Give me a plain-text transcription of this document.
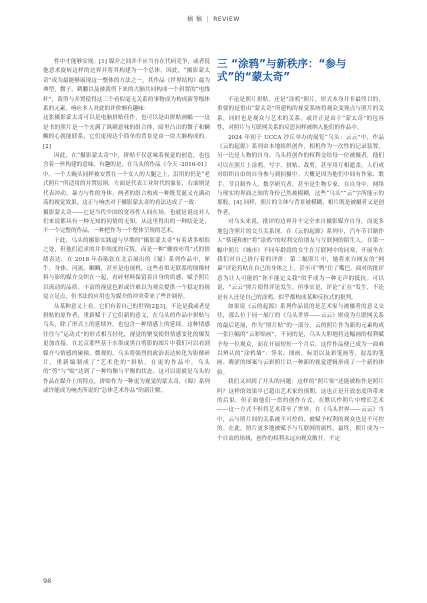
稿 稿 | REVIEW

性中才能够实现。[1] 媒介之间并不应当存在代码竞争，或者说他意求旋转这样的边界并将其构建为一个总体。因此，“摄影蒙太奇”成为最能够展现这一整体的方法之一，其作品《世界结构》最为典型，微子、鹤鹏以及被裁剪下来的大脑共同构成一个斜置的“电线杆”，裁剪与并置使得这三个看似毫无关系的事物成为构成新等级体系的元素，响应本人对此的评价颇有趣味：

这张摄影蒙太奇可以是电脑拼贴佳作，也可以是由拼贴画幅一一这是书的照片是一个充满了讽刺意味的组合体，暗里凸出的微子和鲷鲷的心就能联系，它们更现达个简单的背景是由一块大脑构成的。[2]

因此，在“摄影蒙太奇”中，拼贴不仅意味着视觉的创造，也包含着一丝构建的意味。有趣的是，在乌头的作品《今天 -2016-01》中，一个大碗头同样被安置在一个女人的大腿之上，沿用的仍是“老式照片”所适用的并置原则。左面是代表工业时代的象征，右面则是代表冲动、暴力与性的身体，两者的组合构成一种既荒诞又充满动荡的视觉效果，这正与响杰对于摄影蒙太奇的看法达成了一致：

摄影蒙太奇——它是当代中国的宽容性人间在场，也就是说这对人们来说都具有一种无知的同情的无知。从这里得出的一种结论是，不一个完整的作品，一种把作为一个整体呈现的艺术。

于此，乌头的摄影实践逼与早期的“摄影蒙太奇”有着诸多相似之处，但他们追求的并非纯度的反叛，而是一种“骤放亦骂”式的情绪表达，在 2018 年春陈钦在北京展出的《蜀》系列作品中，犀牛、身体、河流、鲷鲷，甚至是电视机，这些看似无联系的图像材料与影的媒介交织在一起，看碎材料保留着自身的质感，赋予照片以流动的品质。丰富的视觉色彩或许难以为观众提供一个稳定的视觉立足点，但书法的应用也为媒介的冲突带来了些许调停。

从某种意义上看，它们有着自己的世界[2][3]，不论是我或者是拼贴的原作者，重新赋于了它们新的意义，在乌头的作品中拼贴与乌头，除了形式上的延续外，也包含一种情感上的延续。这种情感往往与“运动式”的形式相互轻化，视觉的聚变使得情感变化的爆发更加直接，在北京那些基于水墨或黑白剪影的图片中我们可以看到媒介与情感的碰撞。微观的，乌头将强烈的政治表达转化为影像碎片，重新编制成了“艺术化的”拼贴，在更的作品中，乌头的“剪”与“贴”达到了一种均衡与平衡的状态。这可以说就是乌头的作品在媒介上的特点，拼贴作为一种更为视觉的蒙太奇，《蜀》系列或许能成为响杰所说的“总体艺术作品”的新注解。

三 “涂鸦”与新秩序：“参与式”的“蒙太奇”

不论是照片拼贴，还是“涂鸦”照片，形式本身并非最终目的，重要的是借由“蒙太奇”所建构的视觉系统将观众变现点与照片的关系，同时也是观众与艺术的关系。或许正是由于“蒙太奇”的包容性，对照片与互联网关系的反思同样被纳入他们的作品中。

2024 年初于 UCCA 沙丘举办的展览“乌头：云云”中，作品《云的起源》系列由本地组织创作，相机作为一次性的记录装置，另一边是人物的自身，乌头将创作的权利交给每一位被摄者，他们可以在照片上涂鸦、写字、拼贴、裁剪，甚至用互相遮盖。人们成对组织自由的自身参与到拍摄中。大概是因为他们中间有作家、歌手、节目制作人、数学研究者、甚至是生物专家，在自身中，网络与现实的界面之间的身份已然被模糊，这些“乌头”“云”字所能示的那般。[4] 同样，照片的主体与背景被模糊，相片既是被摄者又是创作者。

对乌头来说，批评的边界并不完全来自摄影媒介自身，而更多地包含照片的交互关系现。在《云的起源》系列中，汽车节目制作人“蔡速和柏”将“涂鸦”的权利交给朋友与互联网的陌生人。在第一幅中照片《城市》不同年龄段的女生在互联网中的同寒，开展坐在我们对自己拼行着的评价：第二幅照片中，她将来自网友的“网暴”评论将贴在自己的身体之上，甚至可“鸭”住了嘴巴，面对的批评意为让人可能的“你不能定义我”似乎成为一种无声的抵抗。可以说，“云云”照片使得评论发生、但事实是，评论“正在”发生，不论是有人还是自己的涂鸦，似乎都构成某种反抗式的批判。

如果说《云的起源》系列作品说的是艺术家与被摄者的意义交往，那么位于同一展厅的《乌头世界——云云》则成为互联网关系的最后延展，作为“照片贴”的一部分，云的照片作为新的元素构成一张巨幅的“云彩贴画”，不同的是，乌头大胆地将这幅画的权利赋予每一位观众，而在开展短短一个月后，这件作品便已成为一面难以辨认的“涂鸦墙”：签名、图画、标语以及彩笔画等，混乱的笔画、晦涩的图案与云彩照片以一种新的视觉逻辑形成了一个新的体验。

我们又回到了开头的问题：这样的“照片贴”还能被称作是照片吗？这样的效果早已超出艺术家的预期。这也正是开放态度所带来的后果。但正如他们一贯的创作方式，在默认作照片中增长艺术——这一方式不但将艺术带至了世界，在《乌头世界——云云》当中，云与照片间的关系被不可控的、被赋予权利的观众也是不可控的。在此，照片更多地被赋予与互联网的属性，最终，照片成为一个自由的场域，创作的权利永远向观众敞开。不定

98
